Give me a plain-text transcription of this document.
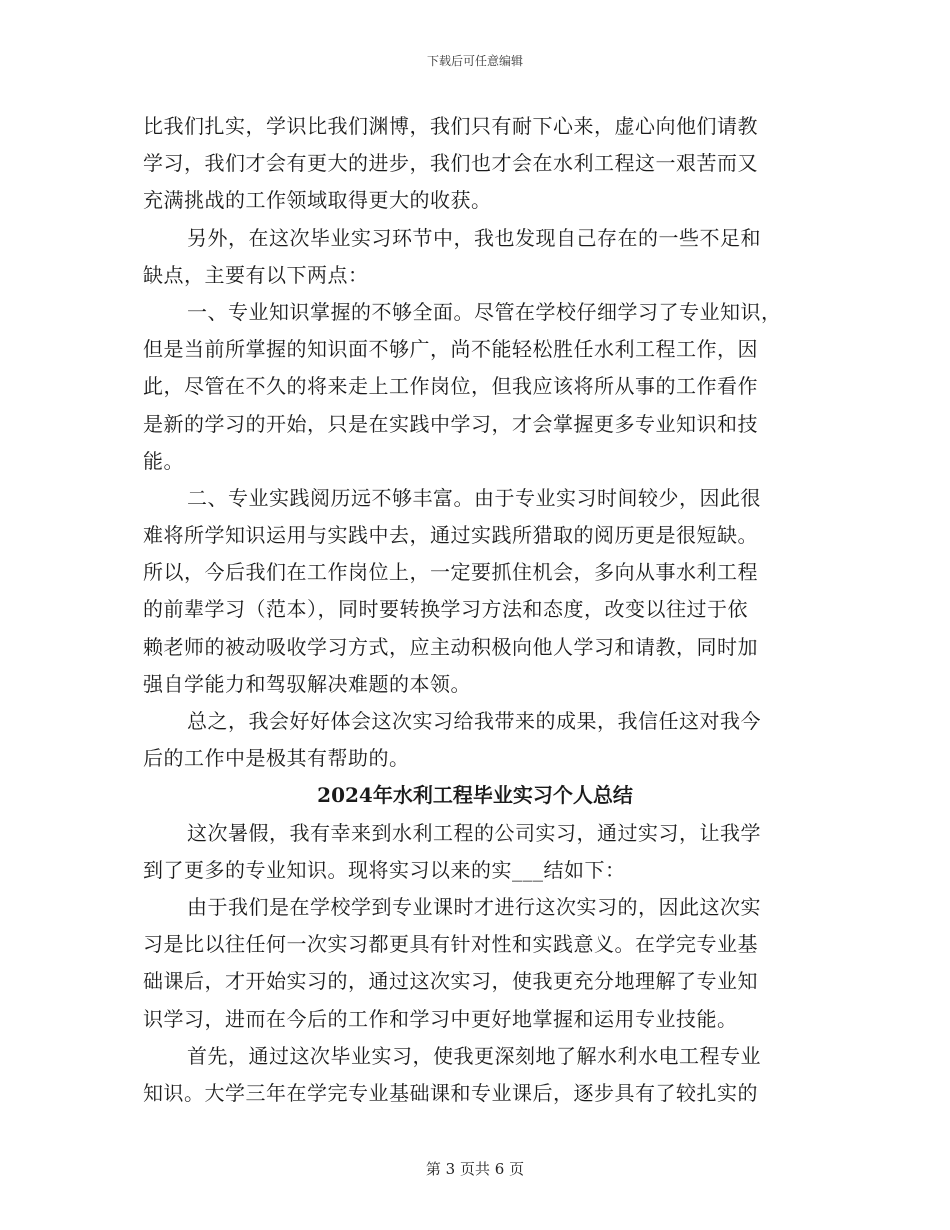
下载后可任意编辑
比我们扎实，学识比我们渊博，我们只有耐下心来，虚心向他们请教
学习，我们才会有更大的进步，我们也才会在水利工程这一艰苦而又
充满挑战的工作领域取得更大的收获。
另外，在这次毕业实习环节中，我也发现自己存在的一些不足和
缺点，主要有以下两点：
一、专业知识掌握的不够全面。尽管在学校仔细学习了专业知识，
但是当前所掌握的知识面不够广，尚不能轻松胜任水利工程工作，因
此，尽管在不久的将来走上工作岗位，但我应该将所从事的工作看作
是新的学习的开始，只是在实践中学习，才会掌握更多专业知识和技
能。
二、专业实践阅历远不够丰富。由于专业实习时间较少，因此很
难将所学知识运用与实践中去，通过实践所猎取的阅历更是很短缺。
所以，今后我们在工作岗位上，一定要抓住机会，多向从事水利工程
的前辈学习（范本），同时要转换学习方法和态度，改变以往过于依
赖老师的被动吸收学习方式，应主动积极向他人学习和请教，同时加
强自学能力和驾驭解决难题的本领。
总之，我会好好体会这次实习给我带来的成果，我信任这对我今
后的工作中是极其有帮助的。
2024年水利工程毕业实习个人总结
这次暑假，我有幸来到水利工程的公司实习，通过实习，让我学
到了更多的专业知识。现将实习以来的实___结如下：
由于我们是在学校学到专业课时才进行这次实习的，因此这次实
习是比以往任何一次实习都更具有针对性和实践意义。在学完专业基
础课后，才开始实习的，通过这次实习，使我更充分地理解了专业知
识学习，进而在今后的工作和学习中更好地掌握和运用专业技能。
首先，通过这次毕业实习，使我更深刻地了解水利水电工程专业
知识。大学三年在学完专业基础课和专业课后，逐步具有了较扎实的
第 3 页共 6 页
